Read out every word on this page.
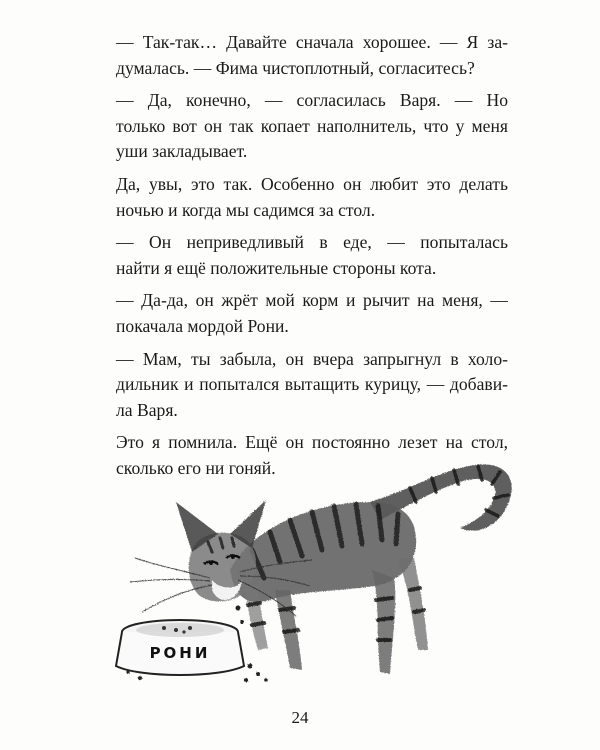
— Так-так… Давайте сначала хорошее. — Я за-
думалась. — Фима чистоплотный, согласитесь?

— Да, конечно, — согласилась Варя. — Но
только вот он так копает наполнитель, что у меня
уши закладывает.

Да, увы, это так. Особенно он любит это делать
ночью и когда мы садимся за стол.

— Он неприведливый в еде, — попыталась
найти я ещё положительные стороны кота.

— Да-да, он жрёт мой корм и рычит на меня, —
покачала мордой Рони.

— Мам, ты забыла, он вчера запрыгнул в холо-
дильник и попытался вытащить курицу, — добави-
ла Варя.

Это я помнила. Ещё он постоянно лезет на стол,
сколько его ни гоняй.

РОНИ
24
